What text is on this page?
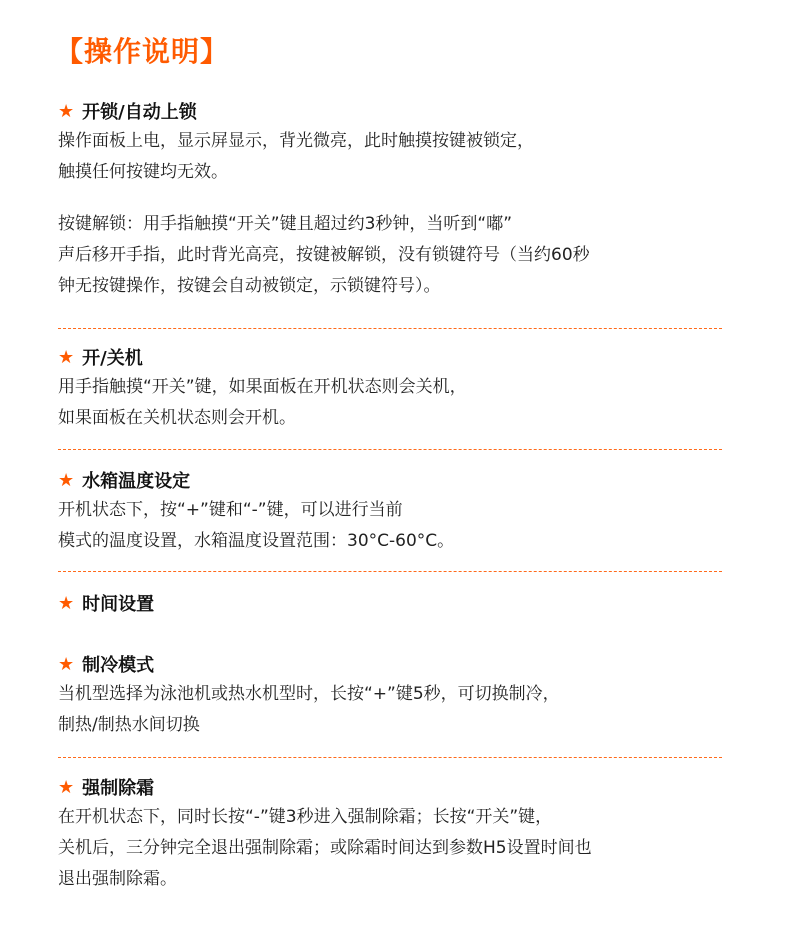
【操作说明】
★ 开锁/自动上锁

操作面板上电，显示屏显示，背光微亮，此时触摸按键被锁定，

触摸任何按键均无效。

按键解锁：用手指触摸“开关”键且超过约3秒钟，当听到“嘟”

声后移开手指，此时背光高亮，按键被解锁，没有锁键符号（当约60秒

钟无按键操作，按键会自动被锁定，示锁键符号）。

★ 开/关机

用手指触摸“开关”键，如果面板在开机状态则会关机，

如果面板在关机状态则会开机。

★ 水箱温度设定

开机状态下，按“+”键和“-”键，可以进行当前

模式的温度设置，水箱温度设置范围：30°C-60°C。

★ 时间设置
★ 制冷模式

当机型选择为泳池机或热水机型时，长按“+”键5秒，可切换制冷，

制热/制热水间切换

★ 强制除霜

在开机状态下，同时长按“-”键3秒进入强制除霜；长按“开关”键，

关机后，三分钟完全退出强制除霜；或除霜时间达到参数H5设置时间也

退出强制除霜。
